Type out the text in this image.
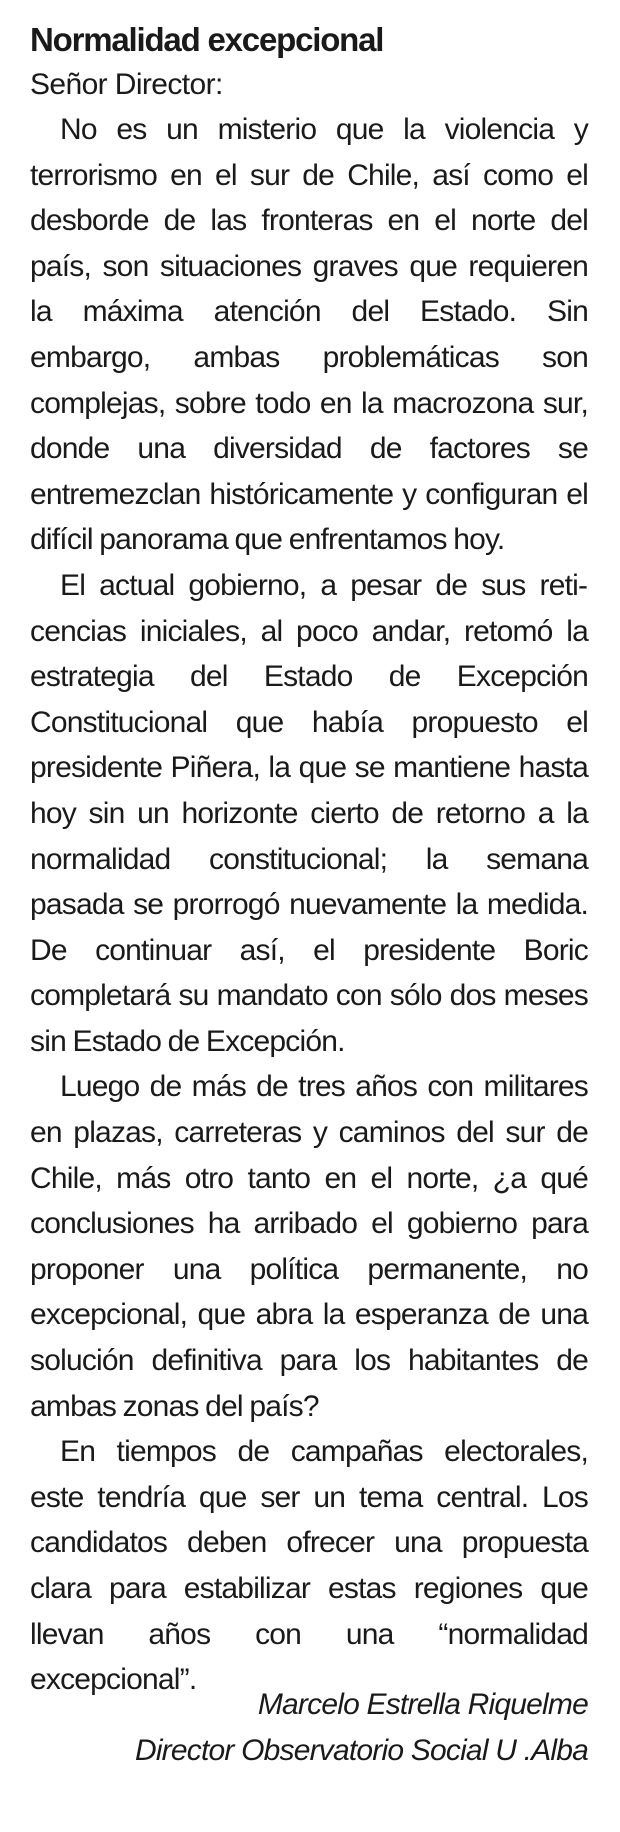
Normalidad excepcional

Señor Director:

No es un misterio que la violencia y terrorismo en el sur de Chile, así como el desborde de las fronteras en el norte del país, son situaciones graves que requieren la máxima atención del Estado. Sin embargo, ambas problemáticas son complejas, sobre todo en la macrozona sur, donde una diversidad de factores se entremezclan históricamente y configuran el difícil panorama que enfrentamos hoy.

El actual gobierno, a pesar de sus reticencias iniciales, al poco andar, retomó la estrategia del Estado de Excepción Constitucional que había propuesto el presidente Piñera, la que se mantiene hasta hoy sin un horizonte cierto de retorno a la normalidad constitucional; la semana pasada se prorrogó nuevamente la medida. De continuar así, el presidente Boric completará su mandato con sólo dos meses sin Estado de Excepción.

Luego de más de tres años con militares en plazas, carreteras y caminos del sur de Chile, más otro tanto en el norte, ¿a qué conclusiones ha arribado el gobierno para proponer una política permanente, no excepcional, que abra la esperanza de una solución definitiva para los habitantes de ambas zonas del país?

En tiempos de campañas electorales, este tendría que ser un tema central. Los candidatos deben ofrecer una propuesta clara para estabilizar estas regiones que llevan años con una “normalidad excepcional”.

Marcelo Estrella Riquelme
Director Observatorio Social U .Alba
